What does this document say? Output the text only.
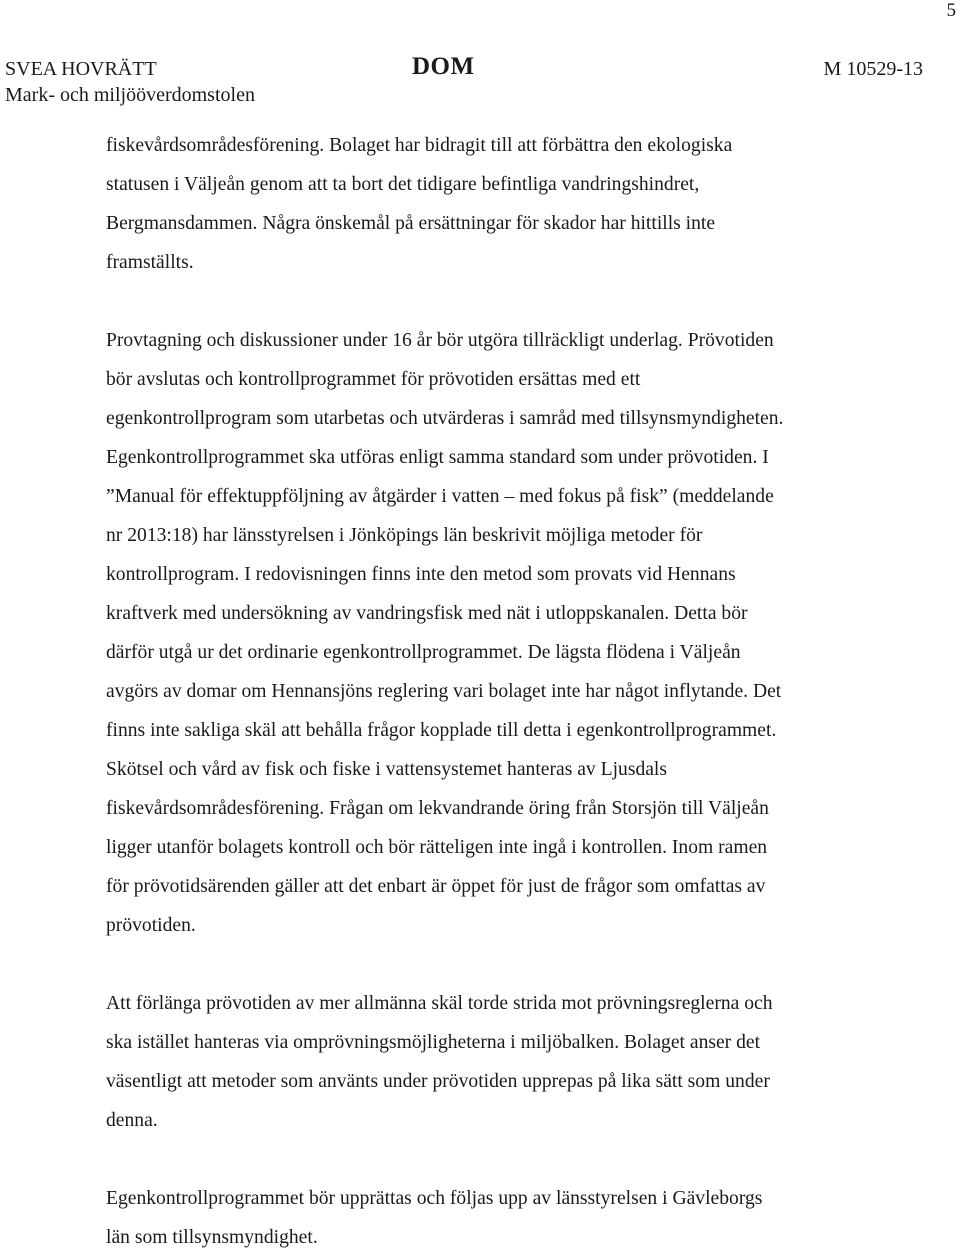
5
SVEA HOVRÄTT
Mark- och miljööverdomstolen
DOM	M 10529-13

fiskevårdsområdesförening. Bolaget har bidragit till att förbättra den ekologiska
statusen i Väljeån genom att ta bort det tidigare befintliga vandringshindret,
Bergmansdammen. Några önskemål på ersättningar för skador har hittills inte
framställts.

Provtagning och diskussioner under 16 år bör utgöra tillräckligt underlag. Prövotiden
bör avslutas och kontrollprogrammet för prövotiden ersättas med ett
egenkontrollprogram som utarbetas och utvärderas i samråd med tillsynsmyndigheten.
Egenkontrollprogrammet ska utföras enligt samma standard som under prövotiden. I
”Manual för effektuppföljning av åtgärder i vatten – med fokus på fisk” (meddelande
nr 2013:18) har länsstyrelsen i Jönköpings län beskrivit möjliga metoder för
kontrollprogram. I redovisningen finns inte den metod som provats vid Hennans
kraftverk med undersökning av vandringsfisk med nät i utloppskanalen. Detta bör
därför utgå ur det ordinarie egenkontrollprogrammet. De lägsta flödena i Väljeån
avgörs av domar om Hennansjöns reglering vari bolaget inte har något inflytande. Det
finns inte sakliga skäl att behålla frågor kopplade till detta i egenkontrollprogrammet.
Skötsel och vård av fisk och fiske i vattensystemet hanteras av Ljusdals
fiskevårdsområdesförening. Frågan om lekvandrande öring från Storsjön till Väljeån
ligger utanför bolagets kontroll och bör rätteligen inte ingå i kontrollen. Inom ramen
för prövotidsärenden gäller att det enbart är öppet för just de frågor som omfattas av
prövotiden.

Att förlänga prövotiden av mer allmänna skäl torde strida mot prövningsreglerna och
ska istället hanteras via omprövningsmöjligheterna i miljöbalken. Bolaget anser det
väsentligt att metoder som använts under prövotiden upprepas på lika sätt som under
denna.

Egenkontrollprogrammet bör upprättas och följas upp av länsstyrelsen i Gävleborgs
län som tillsynsmyndighet.
